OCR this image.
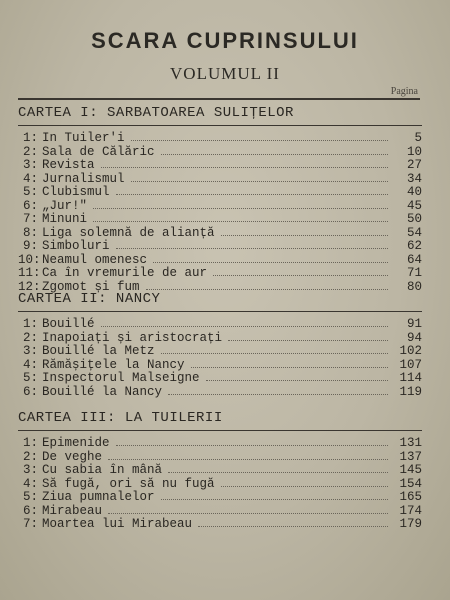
SCARA CUPRINSULUI
VOLUMUL II
Pagina
CARTEA I: SARBATOAREA SULIȚELOR
1: In Tuiler'i	5
2: Sala de Călăric	10
3: Revista	27
4: Jurnalismul	34
5: Clubismul	40
6: „Jur!"	45
7: Minuni	50
8: Liga solemnă de alianță	54
9: Simboluri	62
10: Neamul omenesc	64
11: Ca în vremurile de aur	71
12: Zgomot și fum	80
CARTEA II: NANCY
1: Bouillé	91
2: Inapoiați și aristocrați	94
3: Bouillé la Metz	102
4: Rămășițele la Nancy	107
5: Inspectorul Malseigne	114
6: Bouillé la Nancy	119
CARTEA III: LA TUILERII
1: Epimenide	131
2: De veghe	137
3: Cu sabia în mână	145
4: Să fugă, ori să nu fugă	154
5: Ziua pumnalelor	165
6: Mirabeau	174
7: Moartea lui Mirabeau	179
